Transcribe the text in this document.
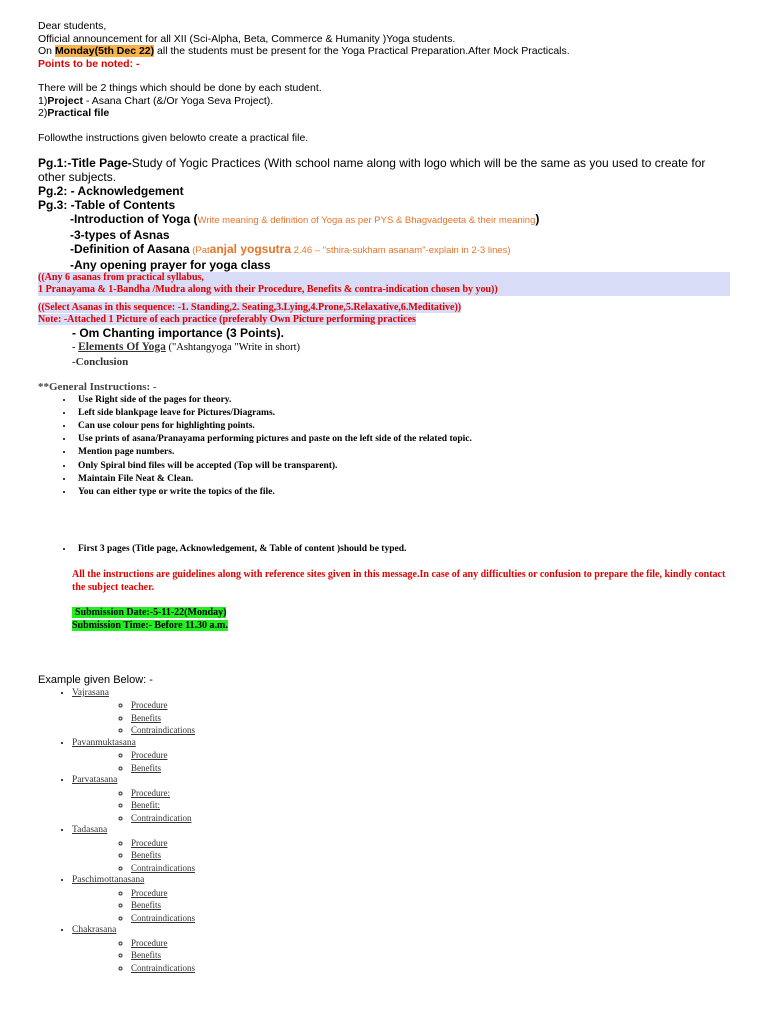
Dear students,

Official announcement for all XII (Sci-Alpha, Beta, Commerce & Humanity )Yoga students.

On Monday(5th Dec 22) all the students must be present for the Yoga Practical Preparation.After Mock Practicals.

Points to be noted: -

There will be 2 things which should be done by each student.

1)Project - Asana Chart (&/Or Yoga Seva Project).

2)Practical file

Followthe instructions given belowto create a practical file.

Pg.1:-Title Page-Study of Yogic Practices (With school name along with logo which will be the same as you used to create for other subjects.

Pg.2: - Acknowledgement

Pg.3: -Table of Contents

-Introduction of Yoga (Write meaning & definition of Yoga as per PYS & Bhagvadgeeta & their meaning)

-3-types of Asnas

-Definition of Aasana (Patanjal yogsutra 2.46 – "sthira-sukham asanam"-explain in 2-3 lines)

-Any opening prayer for yoga class

((Any 6 asanas from practical syllabus,

1 Pranayama & 1-Bandha /Mudra along with their Procedure, Benefits & contra-indication chosen by you))

((Select Asanas in this sequence: -1. Standing,2. Seating,3.Lying,4.Prone,5.Relaxative,6.Meditative))

Note: -Attached 1 Picture of each practice (preferably Own Picture performing practices

- Om Chanting importance (3 Points).

- Elements Of Yoga ("Ashtangyoga "Write in short)

-Conclusion

**General Instructions: -

• Use Right side of the pages for theory.
• Left side blankpage leave for Pictures/Diagrams.
• Can use colour pens for highlighting points.
• Use prints of asana/Pranayama performing pictures and paste on the left side of the related topic.
• Mention page numbers.
• Only Spiral bind files will be accepted (Top will be transparent).
• Maintain File Neat & Clean.
• You can either type or write the topics of the file.
• First 3 pages (Title page, Acknowledgement, & Table of content )should be typed.

All the instructions are guidelines along with reference sites given in this message.In case of any difficulties or confusion to prepare the file, kindly contact the subject teacher.

Submission Date:-5-11-22(Monday)

Submission Time:- Before 11.30 a.m.

Example given Below: -

• Vajrasana
◦ Procedure
◦ Benefits
◦ Contraindications
• Pavanmuktasana
◦ Procedure
◦ Benefits
• Parvatasana
◦ Procedure:
◦ Benefit:
◦ Contraindication
• Tadasana
◦ Procedure
◦ Benefits
◦ Contraindications
• Paschimottanasana
◦ Procedure
◦ Benefits
◦ Contraindications
• Chakrasana
◦ Procedure
◦ Benefits
◦ Contraindications
